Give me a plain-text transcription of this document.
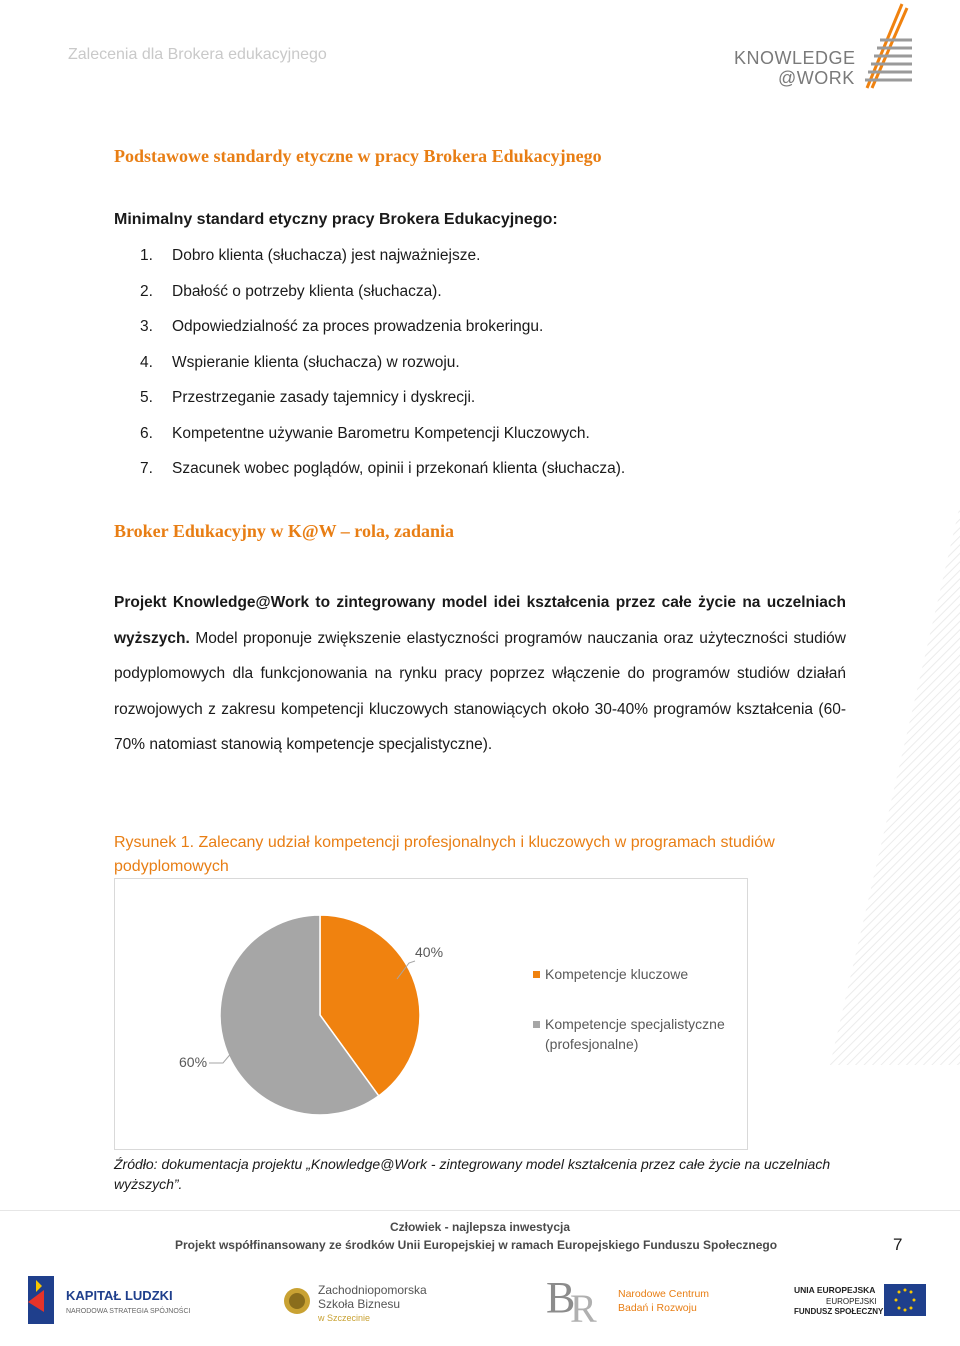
Zalecenia dla Brokera edukacyjnego	KNOWLEDGE
@WORK
Podstawowe standardy etyczne w pracy Brokera Edukacyjnego
Minimalny standard etyczny pracy Brokera Edukacyjnego:
1.	Dobro klienta (słuchacza) jest najważniejsze.
2.	Dbałość o potrzeby klienta (słuchacza).
3.	Odpowiedzialność za proces prowadzenia brokeringu.
4.	Wspieranie klienta (słuchacza) w rozwoju.
5.	Przestrzeganie zasady tajemnicy i dyskrecji.
6.	Kompetentne używanie Barometru Kompetencji Kluczowych.
7.	Szacunek wobec poglądów, opinii i przekonań klienta (słuchacza).
Broker Edukacyjny w K@W – rola, zadania
Projekt Knowledge@Work to zintegrowany model idei kształcenia przez całe życie na uczelniach wyższych. Model proponuje zwiększenie elastyczności programów nauczania oraz użyteczności studiów podyplomowych dla funkcjonowania na rynku pracy poprzez włączenie do programów studiów działań rozwojowych z zakresu kompetencji kluczowych stanowiących około 30-40% programów kształcenia (60-70% natomiast stanowią kompetencje specjalistyczne).
Rysunek 1. Zalecany udział kompetencji profesjonalnych i kluczowych w programach studiów podyplomowych
40%
60%
Kompetencje kluczowe
Kompetencje specjalistyczne
(profesjonalne)
Źródło: dokumentacja projektu „Knowledge@Work - zintegrowany model kształcenia przez całe życie na uczelniach wyższych”.
Człowiek - najlepsza inwestycja
Projekt współfinansowany ze środków Unii Europejskiej w ramach Europejskiego Funduszu Społecznego	7
KAPITAŁ LUDZKI
NARODOWA STRATEGIA SPÓJNOŚCI
Zachodniopomorska
Szkoła Biznesu
w Szczecinie	B
R Narodowe Centrum
Badań i Rozwoju
UNIA EUROPEJSKA
EUROPEJSKI
FUNDUSZ SPOŁECZNY
